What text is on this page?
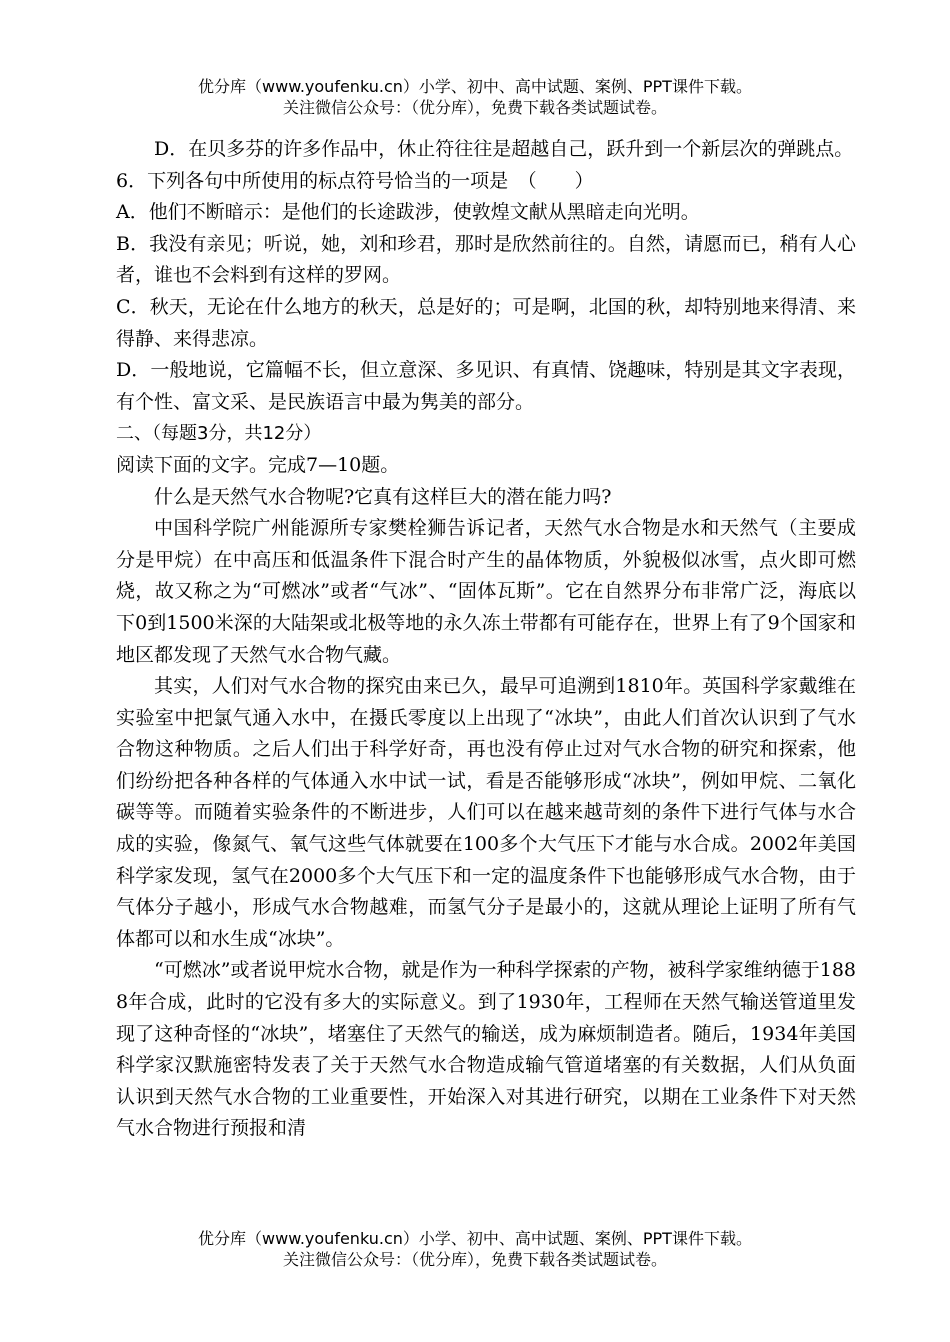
优分库（www.youfenku.cn）小学、初中、高中试题、案例、PPT课件下载。
关注微信公众号：（优分库），免费下载各类试题试卷。

D．在贝多芬的许多作品中，休止符往往是超越自己，跃升到一个新层次的弹跳点。

6．下列各句中所使用的标点符号恰当的一项是　（　　）

A．他们不断暗示：是他们的长途跋涉，使敦煌文献从黑暗走向光明。

B．我没有亲见；听说，她，刘和珍君，那时是欣然前往的。自然，请愿而已，稍有人心者，谁也不会料到有这样的罗网。

C．秋天，无论在什么地方的秋天，总是好的；可是啊，北国的秋，却特别地来得清、来得静、来得悲凉。

D．一般地说，它篇幅不长，但立意深、多见识、有真情、饶趣味，特别是其文字表现，有个性、富文采、是民族语言中最为隽美的部分。

二、（每题3分，共12分）

阅读下面的文字。完成7—10题。

什么是天然气水合物呢?它真有这样巨大的潜在能力吗?

中国科学院广州能源所专家樊栓狮告诉记者，天然气水合物是水和天然气（主要成分是甲烷）在中高压和低温条件下混合时产生的晶体物质，外貌极似冰雪，点火即可燃烧，故又称之为“可燃冰”或者“气冰”、“固体瓦斯”。它在自然界分布非常广泛，海底以下0到1500米深的大陆架或北极等地的永久冻土带都有可能存在，世界上有了9个国家和地区都发现了天然气水合物气藏。

其实，人们对气水合物的探究由来已久，最早可追溯到1810年。英国科学家戴维在实验室中把氯气通入水中，在摄氏零度以上出现了“冰块”，由此人们首次认识到了气水合物这种物质。之后人们出于科学好奇，再也没有停止过对气水合物的研究和探索，他们纷纷把各种各样的气体通入水中试一试，看是否能够形成“冰块”，例如甲烷、二氧化碳等等。而随着实验条件的不断进步，人们可以在越来越苛刻的条件下进行气体与水合成的实验，像氮气、氧气这些气体就要在100多个大气压下才能与水合成。2002年美国科学家发现，氢气在2000多个大气压下和一定的温度条件下也能够形成气水合物，由于气体分子越小，形成气水合物越难，而氢气分子是最小的，这就从理论上证明了所有气体都可以和水生成“冰块”。

“可燃冰”或者说甲烷水合物，就是作为一种科学探索的产物，被科学家维纳德于1888年合成，此时的它没有多大的实际意义。到了1930年，工程师在天然气输送管道里发现了这种奇怪的“冰块”，堵塞住了天然气的输送，成为麻烦制造者。随后，1934年美国科学家汉默施密特发表了关于天然气水合物造成输气管道堵塞的有关数据，人们从负面认识到天然气水合物的工业重要性，开始深入对其进行研究，以期在工业条件下对天然气水合物进行预报和清

优分库（www.youfenku.cn）小学、初中、高中试题、案例、PPT课件下载。
关注微信公众号：（优分库），免费下载各类试题试卷。
